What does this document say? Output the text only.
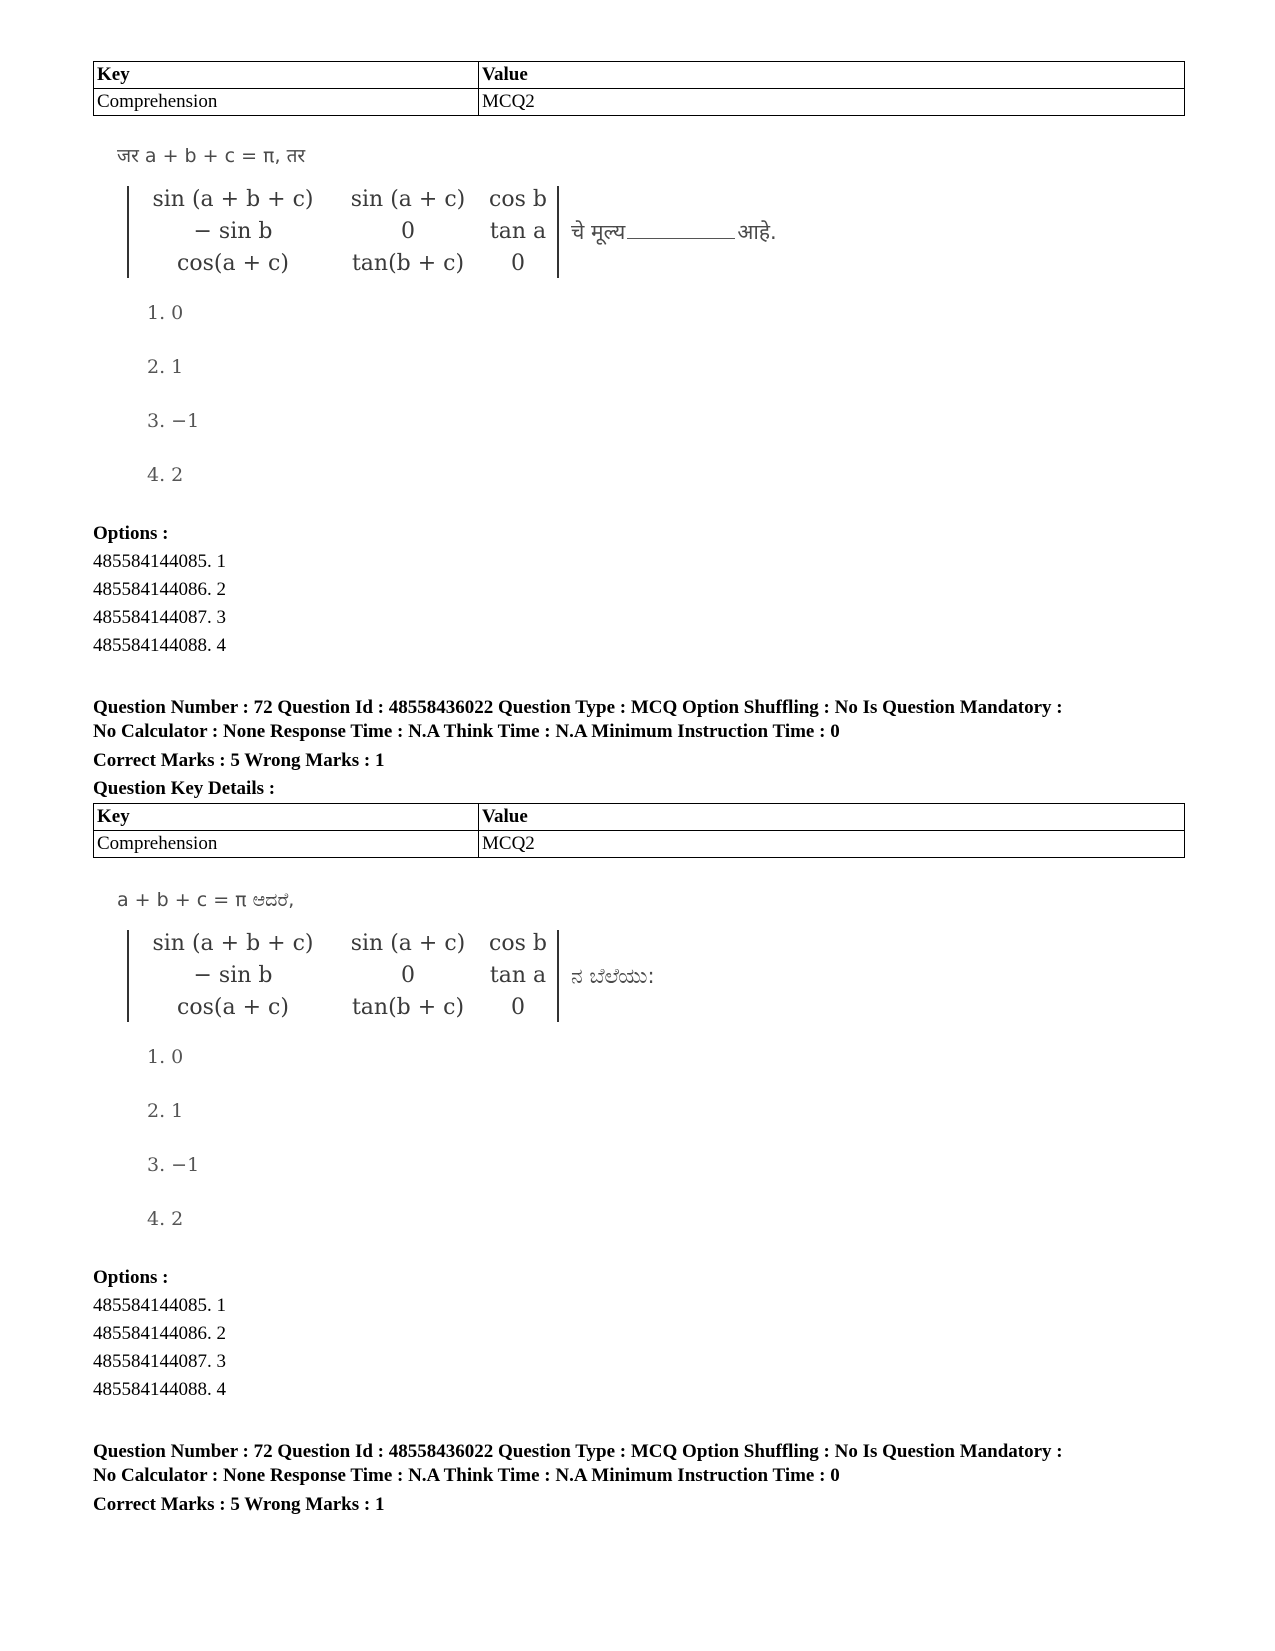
Key	Value
Comprehension	MCQ2
जर a + b + c = π, तर
sin (a + b + c)	sin (a + c)	cos b
− sin b	0	tan a
cos(a + c)	tan(b + c)	0
चे मूल्य	आहे.
1. 0
2. 1
3. −1
4. 2
Options :
485584144085. 1
485584144086. 2
485584144087. 3
485584144088. 4
Question Number : 72 Question Id : 48558436022 Question Type : MCQ Option Shuffling : No Is Question Mandatory :
No Calculator : None Response Time : N.A Think Time : N.A Minimum Instruction Time : 0
Correct Marks : 5 Wrong Marks : 1
Question Key Details :
Key	Value
Comprehension	MCQ2
a + b + c = π ಆದರೆ,
sin (a + b + c)	sin (a + c)	cos b
− sin b	0	tan a
cos(a + c)	tan(b + c)	0
ನ ಬೆಲೆಯು:
1. 0
2. 1
3. −1
4. 2
Options :
485584144085. 1
485584144086. 2
485584144087. 3
485584144088. 4
Question Number : 72 Question Id : 48558436022 Question Type : MCQ Option Shuffling : No Is Question Mandatory :
No Calculator : None Response Time : N.A Think Time : N.A Minimum Instruction Time : 0
Correct Marks : 5 Wrong Marks : 1
